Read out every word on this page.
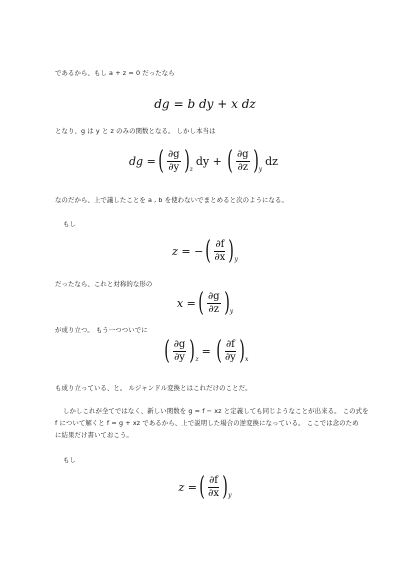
であるから、もし a + z = 0 だったなら
dg = b dy + x dz
となり、g は y と z のみの関数となる。 しかし本当は
dg = ( $\frac{\partial g}{\partial y}$ ) z
dy + ( $\frac{\partial g}{\partial z}$ ) y
dz
なのだから、上で議したことを a , b を使わないでまとめると次のようになる。
もし
z = − ( $\frac{\partial f}{\partial x}$ ) y
だったなら、これと対称的な形の
x = ( $\frac{\partial g}{\partial z}$ ) y
が成り立つ。 もう一つついでに
( $\frac{\partial g}{\partial y}$ ) z
= ( $\frac{\partial f}{\partial y}$ ) x
も成り立っている、と。 ルジャンドル変換とはこれだけのことだ。
しかしこれが全てではなく、新しい関数を g = f − xz と定義しても同じようなことが出来る。 この式を
f について解くと f = g + xz であるから、上で説明した場合の逆変換になっている。 ここでは念のため
に結果だけ書いておこう。
もし
z = ( $\frac{\partial f}{\partial x}$ ) y
